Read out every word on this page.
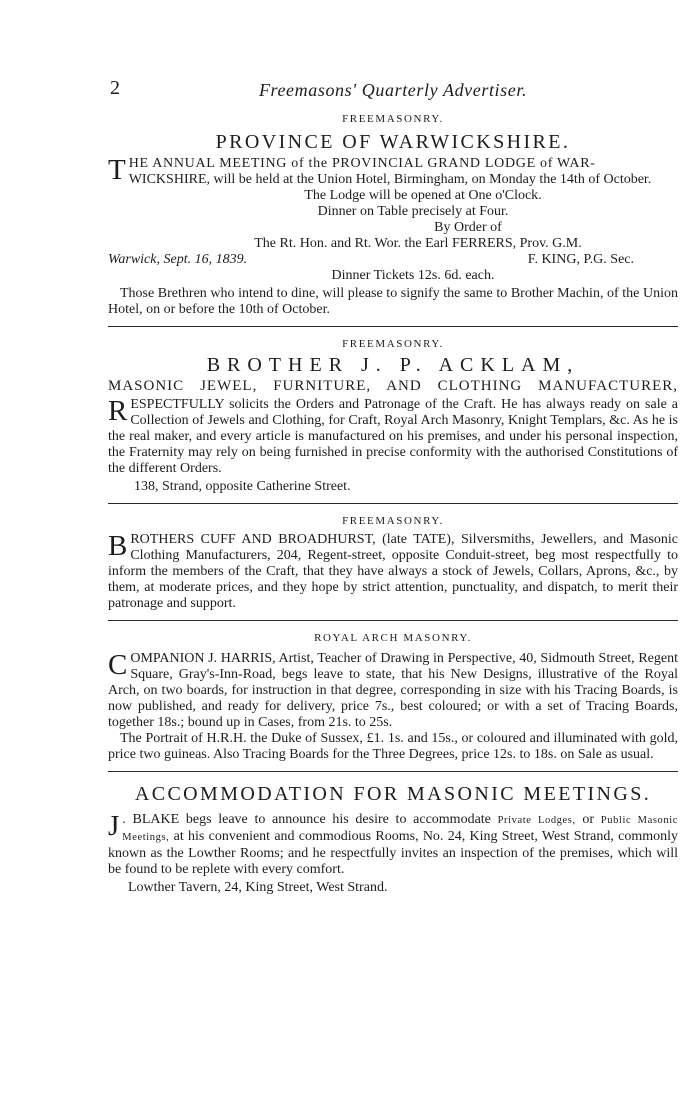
2	Freemasons' Quarterly Advertiser.
FREEMASONRY.
PROVINCE OF WARWICKSHIRE.

THE ANNUAL MEETING of the PROVINCIAL GRAND LODGE of WAR-
WICKSHIRE, will be held at the Union Hotel, Birmingham, on Monday the 14th of October.

The Lodge will be opened at One o'Clock.
Dinner on Table precisely at Four.
By Order of
The Rt. Hon. and Rt. Wor. the Earl FERRERS, Prov. G.M.
Warwick, Sept. 16, 1839.	F. KING, P.G. Sec.
Dinner Tickets 12s. 6d. each.

Those Brethren who intend to dine, will please to signify the same to Brother Machin, of the Union Hotel, on or before the 10th of October.

FREEMASONRY.
BROTHER J. P. ACKLAM,
MASONIC JEWEL, FURNITURE, AND CLOTHING MANUFACTURER,

RESPECTFULLY solicits the Orders and Patronage of the Craft. He has always ready on sale a Collection of Jewels and Clothing, for Craft, Royal Arch Masonry, Knight Templars, &c. As he is the real maker, and every article is manufactured on his premises, and under his personal inspection, the Fraternity may rely on being furnished in precise conformity with the authorised Constitutions of the different Orders.

138, Strand, opposite Catherine Street.
FREEMASONRY.

BROTHERS CUFF AND BROADHURST, (late TATE), Silversmiths, Jewellers, and Masonic Clothing Manufacturers, 204, Regent-street, opposite Conduit-street, beg most respectfully to inform the members of the Craft, that they have always a stock of Jewels, Collars, Aprons, &c., by them, at moderate prices, and they hope by strict attention, punctuality, and dispatch, to merit their patronage and support.

ROYAL ARCH MASONRY.

COMPANION J. HARRIS, Artist, Teacher of Drawing in Perspective, 40, Sidmouth Street, Regent Square, Gray's-Inn-Road, begs leave to state, that his New Designs, illustrative of the Royal Arch, on two boards, for instruction in that degree, corresponding in size with his Tracing Boards, is now published, and ready for delivery, price 7s., best coloured; or with a set of Tracing Boards, together 18s.; bound up in Cases, from 21s. to 25s.

The Portrait of H.R.H. the Duke of Sussex, £1. 1s. and 15s., or coloured and illuminated with gold, price two guineas. Also Tracing Boards for the Three Degrees, price 12s. to 18s. on Sale as usual.

ACCOMMODATION FOR MASONIC MEETINGS.

J . BLAKE begs leave to announce his desire to accommodate Private Lodges, or Public Masonic Meetings, at his convenient and commodious Rooms, No. 24, King Street, West Strand, commonly known as the Lowther Rooms; and he respectfully invites an inspection of the premises, which will be found to be replete with every comfort.

Lowther Tavern, 24, King Street, West Strand.
